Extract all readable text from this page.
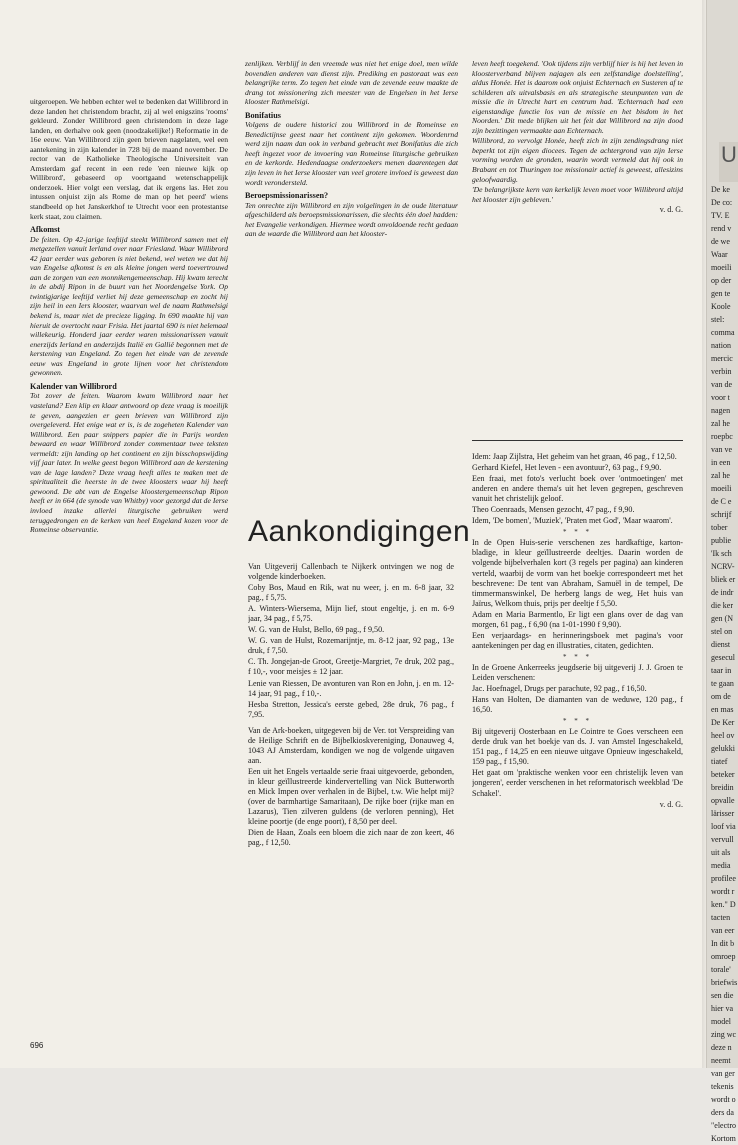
uitgeroepen. We hebben echter wel te bedenken dat Willibrord in deze landen het christendom bracht, zij al wel enigszins 'rooms' gekleurd. Zonder Willibrord geen christendom in deze lage landen, en derhalve ook geen (noodzakelijke!) Reformatie in de 16e eeuw. Van Willibrord zijn geen brieven nagelaten, wel een aantekening in zijn kalender in 728 bij de maand november. De rector van de Katholieke Theologische Universiteit van Amsterdam gaf recent in een rede 'een nieuwe kijk op Willibrord', gebaseerd op voortgaand wetenschappelijk onderzoek. Hier volgt een verslag, dat ik ergens las. Het zou intussen onjuist zijn als Rome de man op het peerd' wiens standbeeld op het Janskerkhof te Utrecht voor een protestantse kerk staat, zou claimen.

Afkomst

De feiten. Op 42-jarige leeftijd steekt Willibrord samen met elf metgezellen vanuit Ierland over naar Friesland. Waar Willibrord 42 jaar eerder was geboren is niet bekend, wel weten we dat hij van Engelse afkomst is en als kleine jongen werd toevertrouwd aan de zorgen van een monnikengemeenschap. Hij kwam terecht in de abdij Ripon in de buurt van het Noordengelse York. Op twintigjarige leeftijd verliet hij deze gemeenschap en zocht hij zijn heil in een Iers klooster, waarvan wel de naam Rathmelsigi bekend is, maar niet de precieze ligging. In 690 maakte hij van hieruit de overtocht naar Frisia. Het jaartal 690 is niet helemaal willekeurig. Honderd jaar eerder waren missionarissen vanuit enerzijds Ierland en anderzijds Italië en Gallië begonnen met de kerstening van Engeland. Zo tegen het einde van de zevende eeuw was Engeland in grote lijnen voor het christendom gewonnen.

Kalender van Willibrord

Tot zover de feiten. Waarom kwam Willibrord naar het vasteland? Een klip en klaar antwoord op deze vraag is moeilijk te geven, aangezien er geen brieven van Willibrord zijn overgeleverd. Het enige wat er is, is de zogeheten Kalender van Willibrord. Een paar snippers papier die in Parijs worden bewaard en waar Willibrord zonder commentaar twee teksten vermeldt: zijn landing op het continent en zijn bisschopswijding vijf jaar later. In welke geest begon Willibrord aan de kerstening van de lage landen? Deze vraag heeft alles te maken met de spiritualiteit die heerste in de twee kloosters waar hij heeft gewoond. De abt van de Engelse kloostergemeenschap Ripon heeft er in 664 (de synode van Whitby) voor gezorgd dat de Ierse invloed inzake allerlei liturgische gebruiken werd teruggedrongen en de kerken van heel Engeland kozen voor de Romeinse observantie.

zenlijken. Verblijf in den vreemde was niet het enige doel, men wilde bovendien anderen van dienst zijn. Prediking en pastoraat was een belangrijke term. Zo tegen het einde van de zevende eeuw maakte de drang tot missionering zich meester van de Engelsen in het Ierse klooster Rathmelsigi.

Bonifatius

Volgens de oudere historici zou Willibrord in de Romeinse en Benedictijnse geest naar het continent zijn gekomen. Woordenrnd werd zijn naam dan ook in verband gebracht met Bonifatius die zich heeft ingezet voor de invoering van Romeinse liturgische gebruiken en de kerkorde. Hedendaagse onderzoekers menen daarentegen dat zijn leven in het Ierse klooster van veel grotere invloed is geweest dan wordt verondersteld.

Beroepsmissionarissen?

Ten onrechte zijn Willibrord en zijn volgelingen in de oude literatuur afgeschilderd als beroepsmissionarissen, die slechts één doel hadden: het Evangelie verkondigen. Hiermee wordt onvoldoende recht gedaan aan de waarde die Willibrord aan het klooster-

leven heeft toegekend. 'Ook tijdens zijn verblijf hier is hij het leven in kloosterverband blijven najagen als een zelfstandige doelstelling', aldus Honée. Het is daarom ook onjuist Echternach en Susteren af te schilderen als uitvalsbasis en als strategische steunpunten van de missie die in Utrecht hart en centrum had. 'Echternach had een eigenstandige functie los van de missie en het bisdom in het Noorden.' Dit mede blijken uit het feit dat Willibrord na zijn dood zijn bezittingen vermaakte aan Echternach.

Willibrord, zo vervolgt Honée, heeft zich in zijn zendingsdrang niet beperkt tot zijn eigen diocees. Tegen de achtergrond van zijn Ierse vorming worden de gronden, waarin wordt vermeld dat hij ook in Brabant en tot Thuringen toe missionair actief is geweest, allesizins geloofwaardig.

'De belangrijkste kern van kerkelijk leven moet voor Willibrord altijd het klooster zijn gebleven.'

v. d. G.

Aankondigingen

Van Uitgeverij Callenbach te Nijkerk ontvingen we nog de volgende kinderboeken.

Coby Bos, Maud en Rik, wat nu weer, j. en m. 6-8 jaar, 32 pag., f 5,75.

A. Winters-Wiersema, Mijn lief, stout engeltje, j. en m. 6-9 jaar, 34 pag., f 5,75.

W. G. van de Hulst, Bello, 69 pag., f 9,50.

W. G. van de Hulst, Rozemarijntje, m. 8-12 jaar, 92 pag., 13e druk, f 7,50.

C. Th. Jongejan-de Groot, Greetje-Margriet, 7e druk, 202 pag., f 10,-, voor meisjes ± 12 jaar.

Lenie van Riessen, De avonturen van Ron en John, j. en m. 12-14 jaar, 91 pag., f 10,-.

Hesba Stretton, Jessica's eerste gebed, 28e druk, 76 pag., f 7,95.

Van de Ark-boeken, uitgegeven bij de Ver. tot Verspreiding van de Heilige Schrift en de Bijbelkioskvereniging, Donauweg 4, 1043 AJ Amsterdam, kondigen we nog de volgende uitgaven aan.

Een uit het Engels vertaalde serie fraai uitgevoerde, gebonden, in kleur geïllustreerde kindervertelling van Nick Butterworth en Mick Impen over verhalen in de Bijbel, t.w. Wie helpt mij? (over de barmhartige Samaritaan), De rijke boer (rijke man en Lazarus), Tien zilveren guldens (de verloren penning), Het kleine poortje (de enge poort), f 8,50 per deel.

Dien de Haan, Zoals een bloem die zich naar de zon keert, 46 pag., f 12,50.

Idem: Jaap Zijlstra, Het geheim van het graan, 46 pag., f 12,50.

Gerhard Kiefel, Het leven - een avontuur?, 63 pag., f 9,90.

Een fraai, met foto's verlucht boek over 'ontmoetingen' met anderen en andere thema's uit het leven gegrepen, geschreven vanuit het christelijk geloof.

Theo Coenraads, Mensen gezocht, 47 pag., f 9,90.

Idem, 'De bomen', 'Muziek', 'Praten met God', 'Maar waarom'.

* * *

In de Open Huis-serie verschenen zes hardkaftige, karton-bladige, in kleur geïllustreerde deeltjes. Daarin worden de volgende bijbelverhalen kort (3 regels per pagina) aan kinderen verteld, waarbij de vorm van het boekje correspondeert met het beschrevene: De tent van Abraham, Samuël in de tempel, De timmermanswinkel, De herberg langs de weg, Het huis van Jaïrus, Welkom thuis, prijs per deeltje f 5,50.

Adam en Maria Barmentlo, Er ligt een glans over de dag van morgen, 61 pag., f 6,90 (na 1-01-1990 f 9,90).

Een verjaardags- en herinneringsboek met pagina's voor aantekeningen per dag en illustraties, citaten, gedichten.

* * *

In de Groene Ankerreeks jeugdserie bij uitgeverij J. J. Groen te Leiden verschenen:

Jac. Hoefnagel, Drugs per parachute, 92 pag., f 16,50.

Hans van Holten, De diamanten van de weduwe, 120 pag., f 16,50.

* * *

Bij uitgeverij Oosterbaan en Le Cointre te Goes verscheen een derde druk van het boekje van ds. J. van Amstel Ingeschakeld, 151 pag., f 14,25 en een nieuwe uitgave Opnieuw ingeschakeld, 159 pag., f 15,90.

Het gaat om 'praktische wenken voor een christelijk leven van jongeren', eerder verschenen in het reformatorisch weekblad 'De Schakel'.

v. d. G.

696
U
De ke
De co:
TV. E
rend v
de we
Waar
moeili
op der
gen te
Koole
stel:
comma
nation
mercic
verbin
van de
voor t
nagen
zal he
roepbc
van ve
in een
zal he
moeili
de C e
schrijf
tober
publie
'Ik sch
NCRV-
bliek er
de indr
die ker
gen (N
stel on
dienst
gesecul
taar in
te gaan
om de
en mas
De Ker
heel ov
gelukki
tiatef
beteker
breidin
opvalle
lärisser
loof via
vervull
uit als
media
profilee
wordt r
ken." D
tacten
van eer
In dit b
omroep
torale'
briefwis
sen die
hier va
model
zing wc
deze n
neemt
van ger
tekenis
wordt o
ders da
"electro
Kortom
